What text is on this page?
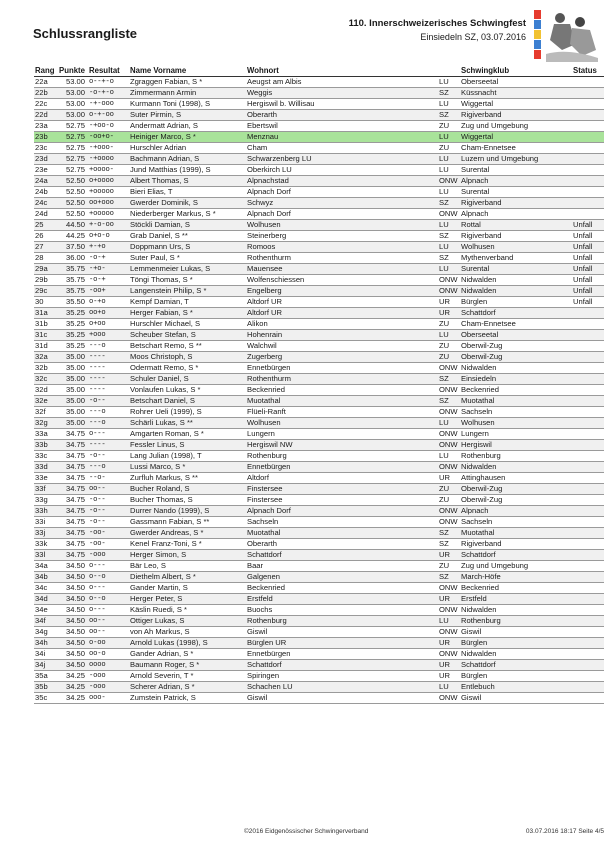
Schlussrangliste
110. Innerschweizerisches Schwingfest
Einsiedeln SZ, 03.07.2016
Rang	Punkte	Resultat	Name Vorname	Wohnort		Schwingklub	Status
22a	53.00	o--+-o	Zgraggen Fabian, S *	Aeugst am Albis	LU	Oberseetal	
22b	53.00	-o-+-o	Zimmermann Armin	Weggis	SZ	Küssnacht	
22c	53.00	-+-ooo	Kurmann Toni (1998), S	Hergiswil b. Willisau	LU	Wiggertal	
22d	53.00	o-+-oo	Suter Pirmin, S	Oberarth	SZ	Rigiverband	
23a	52.75	-+oo-o	Andermatt Adrian, S	Ebertswil	ZU	Zug und Umgebung	
23b	52.75	-oo+o-	Heiniger Marco, S *	Menznau	LU	Wiggertal	
23c	52.75	-+ooo-	Hurschler Adrian	Cham	ZU	Cham-Ennetsee	
23d	52.75	-+oooo	Bachmann Adrian, S	Schwarzenberg LU	LU	Luzern und Umgebung	
23e	52.75	+oooo-	Jund Matthias (1999), S	Oberkirch LU	LU	Surental	
24a	52.50	o+oooo	Albert Thomas, S	Alpnachstad	ONW	Alpnach	
24b	52.50	+ooooo	Bieri Elias, T	Alpnach Dorf	LU	Surental	
24c	52.50	oo+ooo	Gwerder Dominik, S	Schwyz	SZ	Rigiverband	
24d	52.50	+ooooo	Niederberger Markus, S *	Alpnach Dorf	ONW	Alpnach	
25	44.50	+-o-oo	Stöckli Damian, S	Wolhusen	LU	Rottal	Unfall
26	44.25	o+o-o	Grab Daniel, S **	Steinerberg	SZ	Rigiverband	Unfall
27	37.50	+-+o	Doppmann Urs, S	Romoos	LU	Wolhusen	Unfall
28	36.00	-o-+	Suter Paul, S *	Rothenthurm	SZ	Mythenverband	Unfall
29a	35.75	-+o-	Lemmenmeier Lukas, S	Mauensee	LU	Surental	Unfall
29b	35.75	-o-+	Töngi Thomas, S *	Wolfenschiessen	ONW	Nidwalden	Unfall
29c	35.75	-oo+	Langenstein Philip, S *	Engelberg	ONW	Nidwalden	Unfall
30	35.50	o-+o	Kempf Damian, T	Altdorf UR	UR	Bürglen	Unfall
31a	35.25	oo+o	Herger Fabian, S *	Altdorf UR	UR	Schattdorf	
31b	35.25	o+oo	Hurschler Michael, S	Alikon	ZU	Cham-Ennetsee	
31c	35.25	+ooo	Scheuber Stefan, S	Hohenrain	LU	Oberseetal	
31d	35.25	---o	Betschart Remo, S **	Walchwil	ZU	Oberwil-Zug	
32a	35.00	----	Moos Christoph, S	Zugerberg	ZU	Oberwil-Zug	
32b	35.00	----	Odermatt Remo, S *	Ennetbürgen	ONW	Nidwalden	
32c	35.00	----	Schuler Daniel, S	Rothenthurm	SZ	Einsiedeln	
32d	35.00	----	Vonlaufen Lukas, S *	Beckenried	ONW	Beckenried	
32e	35.00	-o--	Betschart Daniel, S	Muotathal	SZ	Muotathal	
32f	35.00	---o	Rohrer Ueli (1999), S	Flüeli-Ranft	ONW	Sachseln	
32g	35.00	---o	Schärli Lukas, S **	Wolhusen	LU	Wolhusen	
33a	34.75	o---	Amgarten Roman, S *	Lungern	ONW	Lungern	
33b	34.75	----	Fessler Linus, S	Hergiswil NW	ONW	Hergiswil	
33c	34.75	-o--	Lang Julian (1998), T	Rothenburg	LU	Rothenburg	
33d	34.75	---o	Lussi Marco, S *	Ennetbürgen	ONW	Nidwalden	
33e	34.75	--o-	Zurfluh Markus, S **	Altdorf	UR	Attinghausen	
33f	34.75	oo--	Bucher Roland, S	Finstersee	ZU	Oberwil-Zug	
33g	34.75	-o--	Bucher Thomas, S	Finstersee	ZU	Oberwil-Zug	
33h	34.75	-o--	Durrer Nando (1999), S	Alpnach Dorf	ONW	Alpnach	
33i	34.75	-o--	Gassmann Fabian, S **	Sachseln	ONW	Sachseln	
33j	34.75	-oo-	Gwerder Andreas, S *	Muotathal	SZ	Muotathal	
33k	34.75	-oo-	Kenel Franz-Toni, S *	Oberarth	SZ	Rigiverband	
33l	34.75	-ooo	Herger Simon, S	Schattdorf	UR	Schattdorf	
34a	34.50	o---	Bär Leo, S	Baar	ZU	Zug und Umgebung	
34b	34.50	o--o	Diethelm Albert, S *	Galgenen	SZ	March-Höfe	
34c	34.50	o---	Gander Martin, S	Beckenried	ONW	Beckenried	
34d	34.50	o--o	Herger Peter, S	Erstfeld	UR	Erstfeld	
34e	34.50	o---	Käslin Ruedi, S *	Buochs	ONW	Nidwalden	
34f	34.50	oo--	Ottiger Lukas, S	Rothenburg	LU	Rothenburg	
34g	34.50	oo--	von Ah Markus, S	Giswil	ONW	Giswil	
34h	34.50	o-oo	Arnold Lukas (1998), S	Bürglen UR	UR	Bürglen	
34i	34.50	oo-o	Gander Adrian, S *	Ennetbürgen	ONW	Nidwalden	
34j	34.50	oooo	Baumann Roger, S *	Schattdorf	UR	Schattdorf	
35a	34.25	-ooo	Arnold Severin, T *	Spiringen	UR	Bürglen	
35b	34.25	-ooo	Scherer Adrian, S *	Schachen LU	LU	Entlebuch	
35c	34.25	ooo-	Zumstein Patrick, S	Giswil	ONW	Giswil	
©2016 Eidgenössischer Schwingerverband	03.07.2016 18:17 Seite 4/5
